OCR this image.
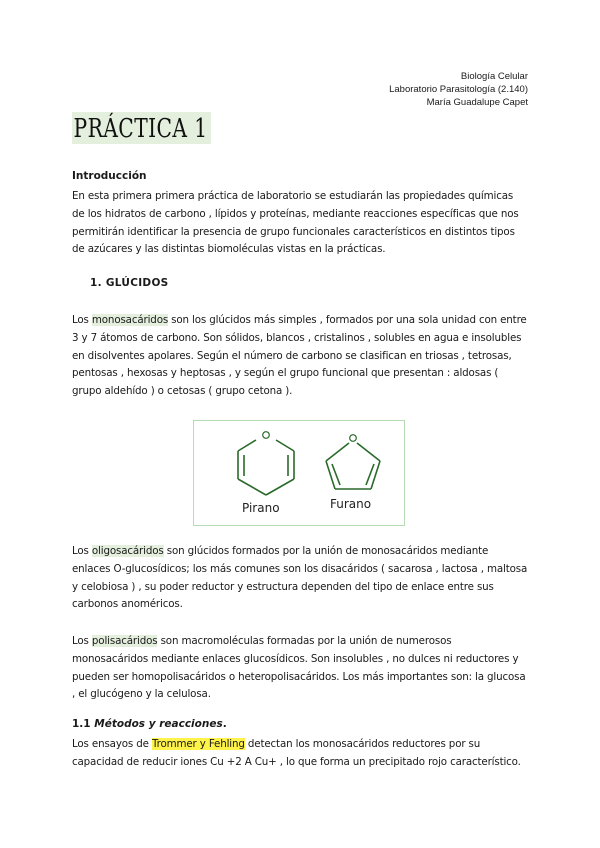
Biología Celular
Laboratorio Parasitología (2.140)
María Guadalupe Capet
PRÁCTICA 1
Introducción
En esta primera primera práctica de laboratorio se estudiarán las propiedades químicas de los hidratos de carbono , lípidos y proteínas, mediante reacciones específicas que nos permitirán identificar la presencia de grupo funcionales característicos en distintos tipos de azúcares y las distintas biomoléculas vistas en la prácticas.
1. GLÚCIDOS
Los monosacáridos son los glúcidos más simples , formados por una sola unidad con entre 3 y 7 átomos de carbono. Son sólidos, blancos , cristalinos , solubles en agua e insolubles en disolventes apolares. Según el número de carbono se clasifican en triosas , tetrosas, pentosas , hexosas y heptosas , y según el grupo funcional que presentan : aldosas ( grupo aldehído ) o cetosas ( grupo cetona ).
Pirano	Furano
Los oligosacáridos son glúcidos formados por la unión de monosacáridos mediante enlaces O-glucosídicos; los más comunes son los disacáridos ( sacarosa , lactosa , maltosa y celobiosa ) , su poder reductor y estructura dependen del tipo de enlace entre sus carbonos anoméricos.
Los polisacáridos son macromoléculas formadas por la unión de numerosos monosacáridos mediante enlaces glucosídicos. Son insolubles , no dulces ni reductores y pueden ser homopolisacáridos o heteropolisacáridos. Los más importantes son: la glucosa , el glucógeno y la celulosa.
1.1 Métodos y reacciones.
Los ensayos de Trommer y Fehling detectan los monosacáridos reductores por su capacidad de reducir iones Cu +2 A Cu+ , lo que forma un precipitado rojo característico.
